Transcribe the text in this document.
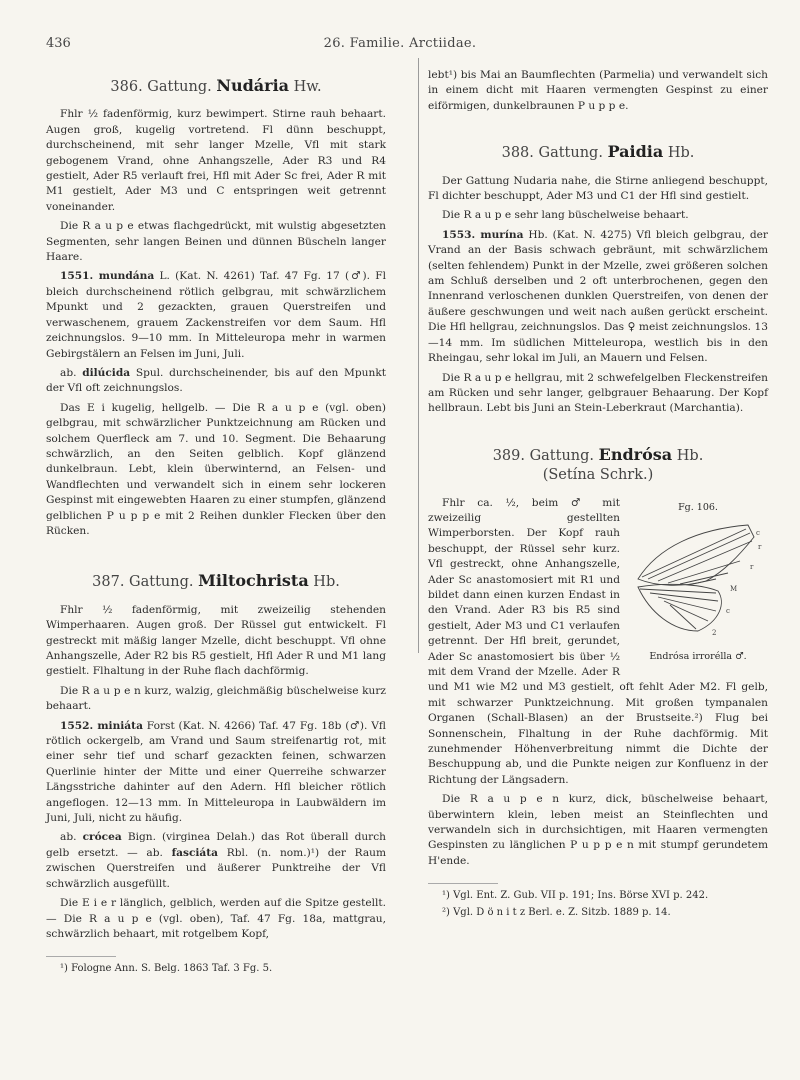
436	26. Familie. Arctiidae.
386. Gattung. Nudária Hw.

Fhlr ½ fadenförmig, kurz bewimpert. Stirne rauh behaart. Augen groß, kugelig vortretend. Fl dünn beschuppt, durchscheinend, mit sehr langer Mzelle, Vfl mit stark gebogenem Vrand, ohne Anhangszelle, Ader R3 und R4 gestielt, Ader R5 verlauft frei, Hfl mit Ader Sc frei, Ader R mit M1 gestielt, Ader M3 und C entspringen weit getrennt voneinander.

Die R a u p e etwas flachgedrückt, mit wulstig abgesetzten Segmenten, sehr langen Beinen und dünnen Büscheln langer Haare.

1551. mundána L. (Kat. N. 4261) Taf. 47 Fg. 17 (♂). Fl bleich durchscheinend rötlich gelbgrau, mit schwärzlichem Mpunkt und 2 gezackten, grauen Querstreifen und verwaschenem, grauem Zackenstreifen vor dem Saum. Hfl zeichnungslos. 9—10 mm. In Mitteleuropa mehr in warmen Gebirgstälern an Felsen im Juni, Juli.

ab. dilúcida Spul. durchscheinender, bis auf den Mpunkt der Vfl oft zeichnungslos.

Das E i kugelig, hellgelb. — Die R a u p e (vgl. oben) gelbgrau, mit schwärzlicher Punktzeichnung am Rücken und solchem Querfleck am 7. und 10. Segment. Die Behaarung schwärzlich, an den Seiten gelblich. Kopf glänzend dunkelbraun. Lebt, klein überwinternd, an Felsen- und Wandflechten und verwandelt sich in einem sehr lockeren Gespinst mit eingewebten Haaren zu einer stumpfen, glänzend gelblichen P u p p e mit 2 Reihen dunkler Flecken über den Rücken.

387. Gattung. Miltochrista Hb.

Fhlr ½ fadenförmig, mit zweizeilig stehenden Wimperhaaren. Augen groß. Der Rüssel gut entwickelt. Fl gestreckt mit mäßig langer Mzelle, dicht beschuppt. Vfl ohne Anhangszelle, Ader R2 bis R5 gestielt, Hfl Ader R und M1 lang gestielt. Flhaltung in der Ruhe flach dachförmig.

Die R a u p e n kurz, walzig, gleichmäßig büschelweise kurz behaart.

1552. miniáta Forst (Kat. N. 4266) Taf. 47 Fg. 18b (♂). Vfl rötlich ockergelb, am Vrand und Saum streifenartig rot, mit einer sehr tief und scharf gezackten feinen, schwarzen Querlinie hinter der Mitte und einer Querreihe schwarzer Längsstriche dahinter auf den Adern. Hfl bleicher rötlich angeflogen. 12—13 mm. In Mitteleuropa in Laubwäldern im Juni, Juli, nicht zu häufig.

ab. cróceа Bign. (virginea Delah.) das Rot überall durch gelb ersetzt. — ab. fasciáta Rbl. (n. nom.)¹) der Raum zwischen Querstreifen und äußerer Punktreihe der Vfl schwärzlich ausgefüllt.

Die E i e r länglich, gelblich, werden auf die Spitze gestellt. — Die R a u p e (vgl. oben), Taf. 47 Fg. 18a, mattgrau, schwärzlich behaart, mit rotgelbem Kopf,

¹) Fologne Ann. S. Belg. 1863 Taf. 3 Fg. 5.

lebt¹) bis Mai an Baumflechten (Parmelia) und verwandelt sich in einem dicht mit Haaren vermengten Gespinst zu einer eiförmigen, dunkelbraunen P u p p e.

388. Gattung. Paidia Hb.

Der Gattung Nudaria nahe, die Stirne anliegend beschuppt, Fl dichter beschuppt, Ader M3 und C1 der Hfl sind gestielt.

Die R a u p e sehr lang büschelweise behaart.

1553. murína Hb. (Kat. N. 4275) Vfl bleich gelbgrau, der Vrand an der Basis schwach gebräunt, mit schwärzlichem (selten fehlendem) Punkt in der Mzelle, zwei größeren solchen am Schluß derselben und 2 oft unterbrochenen, gegen den Innenrand verloschenen dunklen Querstreifen, von denen der äußere geschwungen und weit nach außen gerückt erscheint. Die Hfl hellgrau, zeichnungslos. Das ♀ meist zeichnungslos. 13—14 mm. Im südlichen Mitteleuropa, westlich bis in den Rheingau, sehr lokal im Juli, an Mauern und Felsen.

Die R a u p e hellgrau, mit 2 schwefelgelben Fleckenstreifen am Rücken und sehr langer, gelbgrauer Behaarung. Der Kopf hellbraun. Lebt bis Juni an Stein-Leberkraut (Marchantia).

389. Gattung. Endrósa Hb.
(Setína Schrk.)
Fg. 106.
c
r
r
M
c
2
Endrósa irrorélla ♂.

Fhlr ca. ½, beim ♂ mit zweizeilig gestellten Wimperborsten. Der Kopf rauh beschuppt, der Rüssel sehr kurz. Vfl gestreckt, ohne Anhangszelle, Ader Sc anastomosiert mit R1 und bildet dann einen kurzen Endast in den Vrand. Ader R3 bis R5 sind gestielt, Ader M3 und C1 verlaufen getrennt. Der Hfl breit, gerundet, Ader Sc anastomosiert bis über ½ mit dem Vrand der Mzelle. Ader R und M1 wie M2 und M3 gestielt, oft fehlt Ader M2. Fl gelb, mit schwarzer Punktzeichnung. Mit großen tympanalen Organen (Schall-Blasen) an der Brustseite.²) Flug bei Sonnenschein, Flhaltung in der Ruhe dachförmig. Mit zunehmender Höhenverbreitung nimmt die Dichte der Beschuppung ab, und die Punkte neigen zur Konfluenz in der Richtung der Längsadern.

Die R a u p e n kurz, dick, büschelweise behaart, überwintern klein, leben meist an Steinflechten und verwandeln sich in durchsichtigen, mit Haaren vermengten Gespinsten zu länglichen P u p p e n mit stumpf gerundetem H'ende.

¹) Vgl. Ent. Z. Gub. VII p. 191; Ins. Börse XVI p. 242.

²) Vgl. D ö n i t z Berl. e. Z. Sitzb. 1889 p. 14.
